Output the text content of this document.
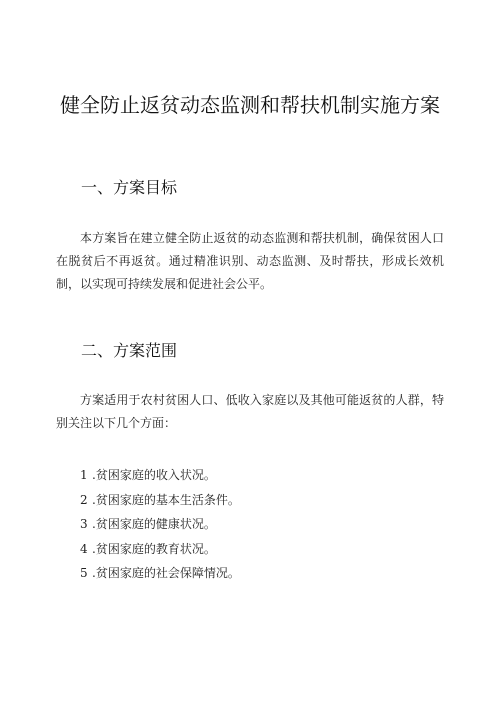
健全防止返贫动态监测和帮扶机制实施方案
一、方案目标

本方案旨在建立健全防止返贫的动态监测和帮扶机制，确保贫困人口在脱贫后不再返贫。通过精准识别、动态监测、及时帮扶，形成长效机制，以实现可持续发展和促进社会公平。

二、方案范围

方案适用于农村贫困人口、低收入家庭以及其他可能返贫的人群，特别关注以下几个方面：

1 .贫困家庭的收入状况。
2 .贫困家庭的基本生活条件。
3 .贫困家庭的健康状况。
4 .贫困家庭的教育状况。
5 .贫困家庭的社会保障情况。
